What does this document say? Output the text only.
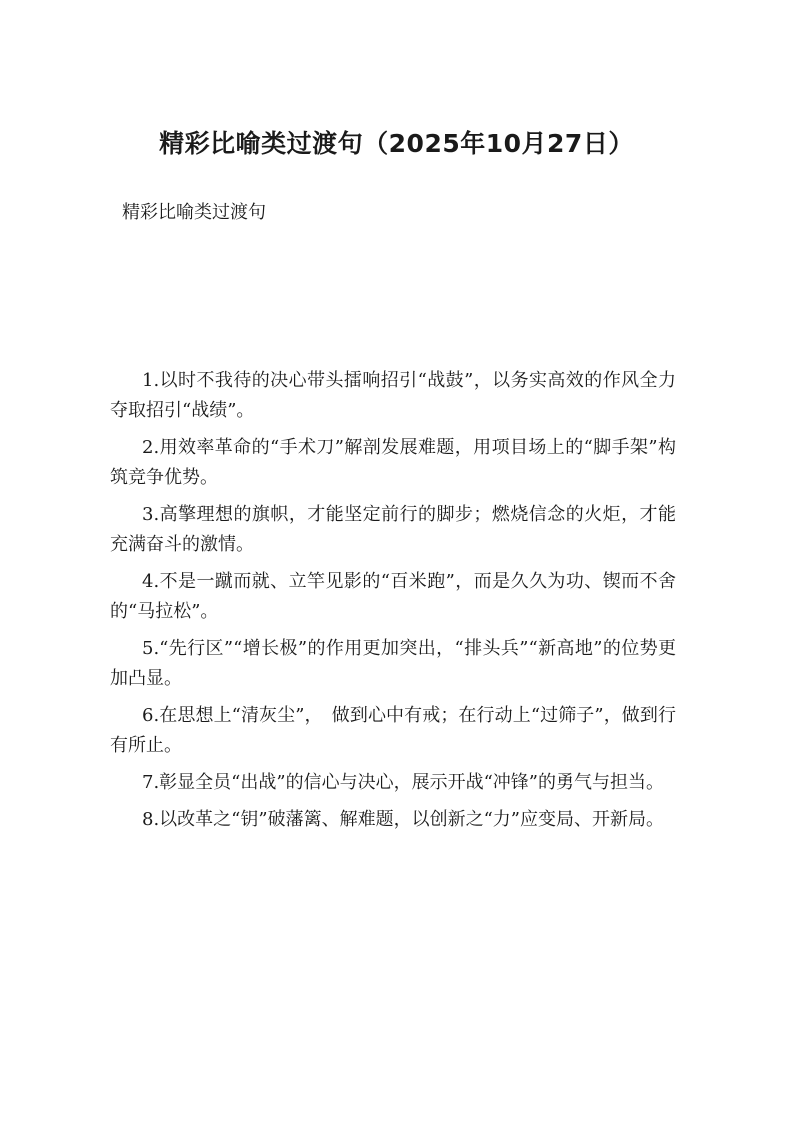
精彩比喻类过渡句（2025年10月27日）
精彩比喻类过渡句
1.以时不我待的决心带头擂响招引“战鼓”，以务实高效的作风全力夺取招引“战绩”。
2.用效率革命的“手术刀”解剖发展难题，用项目场上的“脚手架”构筑竞争优势。
3.高擎理想的旗帜，才能坚定前行的脚步；燃烧信念的火炬，才能充满奋斗的激情。
4.不是一蹴而就、立竿见影的“百米跑”，而是久久为功、锲而不舍的“马拉松”。
5.“先行区”“增长极”的作用更加突出，“排头兵”“新高地”的位势更加凸显。
6.在思想上“清灰尘”，　做到心中有戒；在行动上“过筛子”，做到行有所止。
7.彰显全员“出战”的信心与决心，展示开战“冲锋”的勇气与担当。
8.以改革之“钥”破藩篱、解难题，以创新之“力”应变局、开新局。
